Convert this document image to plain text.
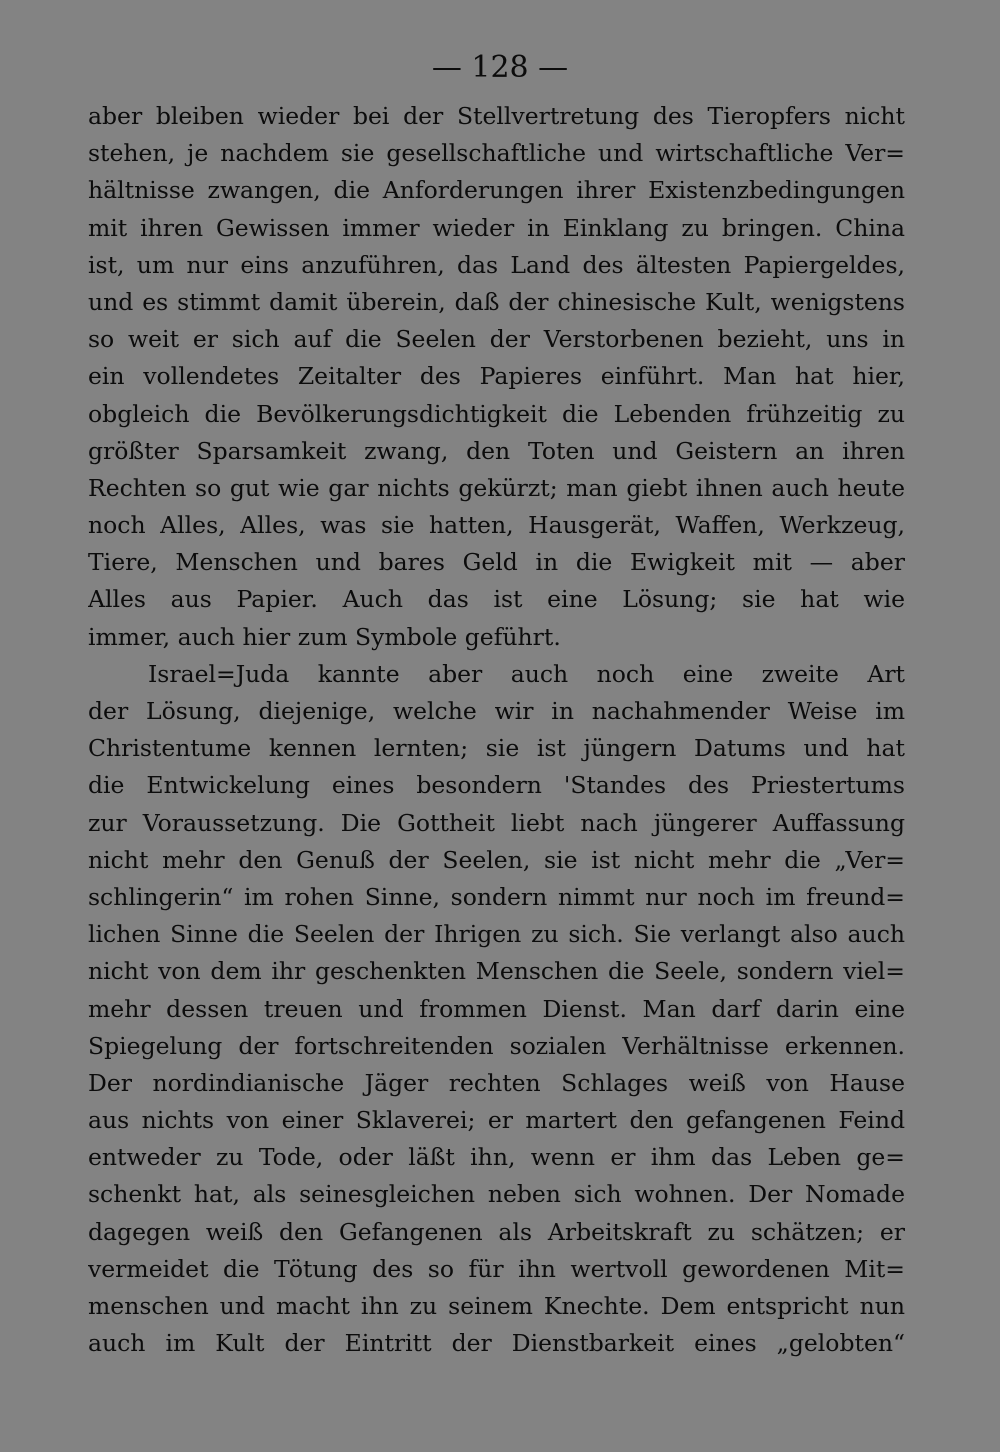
— 128 —
aber bleiben wieder bei der Stellvertretung des Tieropfers nicht
stehen, je nachdem sie gesellschaftliche und wirtschaftliche Ver=
hältnisse zwangen, die Anforderungen ihrer Existenzbedingungen
mit ihren Gewissen immer wieder in Einklang zu bringen. China
ist, um nur eins anzuführen, das Land des ältesten Papiergeldes,
und es stimmt damit überein, daß der chinesische Kult, wenigstens
so weit er sich auf die Seelen der Verstorbenen bezieht, uns in
ein vollendetes Zeitalter des Papieres einführt. Man hat hier,
obgleich die Bevölkerungsdichtigkeit die Lebenden frühzeitig zu
größter Sparsamkeit zwang, den Toten und Geistern an ihren
Rechten so gut wie gar nichts gekürzt; man giebt ihnen auch heute
noch Alles, Alles, was sie hatten, Hausgerät, Waffen, Werkzeug,
Tiere, Menschen und bares Geld in die Ewigkeit mit — aber
Alles aus Papier. Auch das ist eine Lösung; sie hat wie
immer, auch hier zum Symbole geführt.
Israel=Juda kannte aber auch noch eine zweite Art
der Lösung, diejenige, welche wir in nachahmender Weise im
Christentume kennen lernten; sie ist jüngern Datums und hat
die Entwickelung eines besondern 'Standes des Priestertums
zur Voraussetzung. Die Gottheit liebt nach jüngerer Auffassung
nicht mehr den Genuß der Seelen, sie ist nicht mehr die „Ver=
schlingerin“ im rohen Sinne, sondern nimmt nur noch im freund=
lichen Sinne die Seelen der Ihrigen zu sich. Sie verlangt also auch
nicht von dem ihr geschenkten Menschen die Seele, sondern viel=
mehr dessen treuen und frommen Dienst. Man darf darin eine
Spiegelung der fortschreitenden sozialen Verhältnisse erkennen.
Der nordindianische Jäger rechten Schlages weiß von Hause
aus nichts von einer Sklaverei; er martert den gefangenen Feind
entweder zu Tode, oder läßt ihn, wenn er ihm das Leben ge=
schenkt hat, als seinesgleichen neben sich wohnen. Der Nomade
dagegen weiß den Gefangenen als Arbeitskraft zu schätzen; er
vermeidet die Tötung des so für ihn wertvoll gewordenen Mit=
menschen und macht ihn zu seinem Knechte. Dem entspricht nun
auch im Kult der Eintritt der Dienstbarkeit eines „gelobten“
